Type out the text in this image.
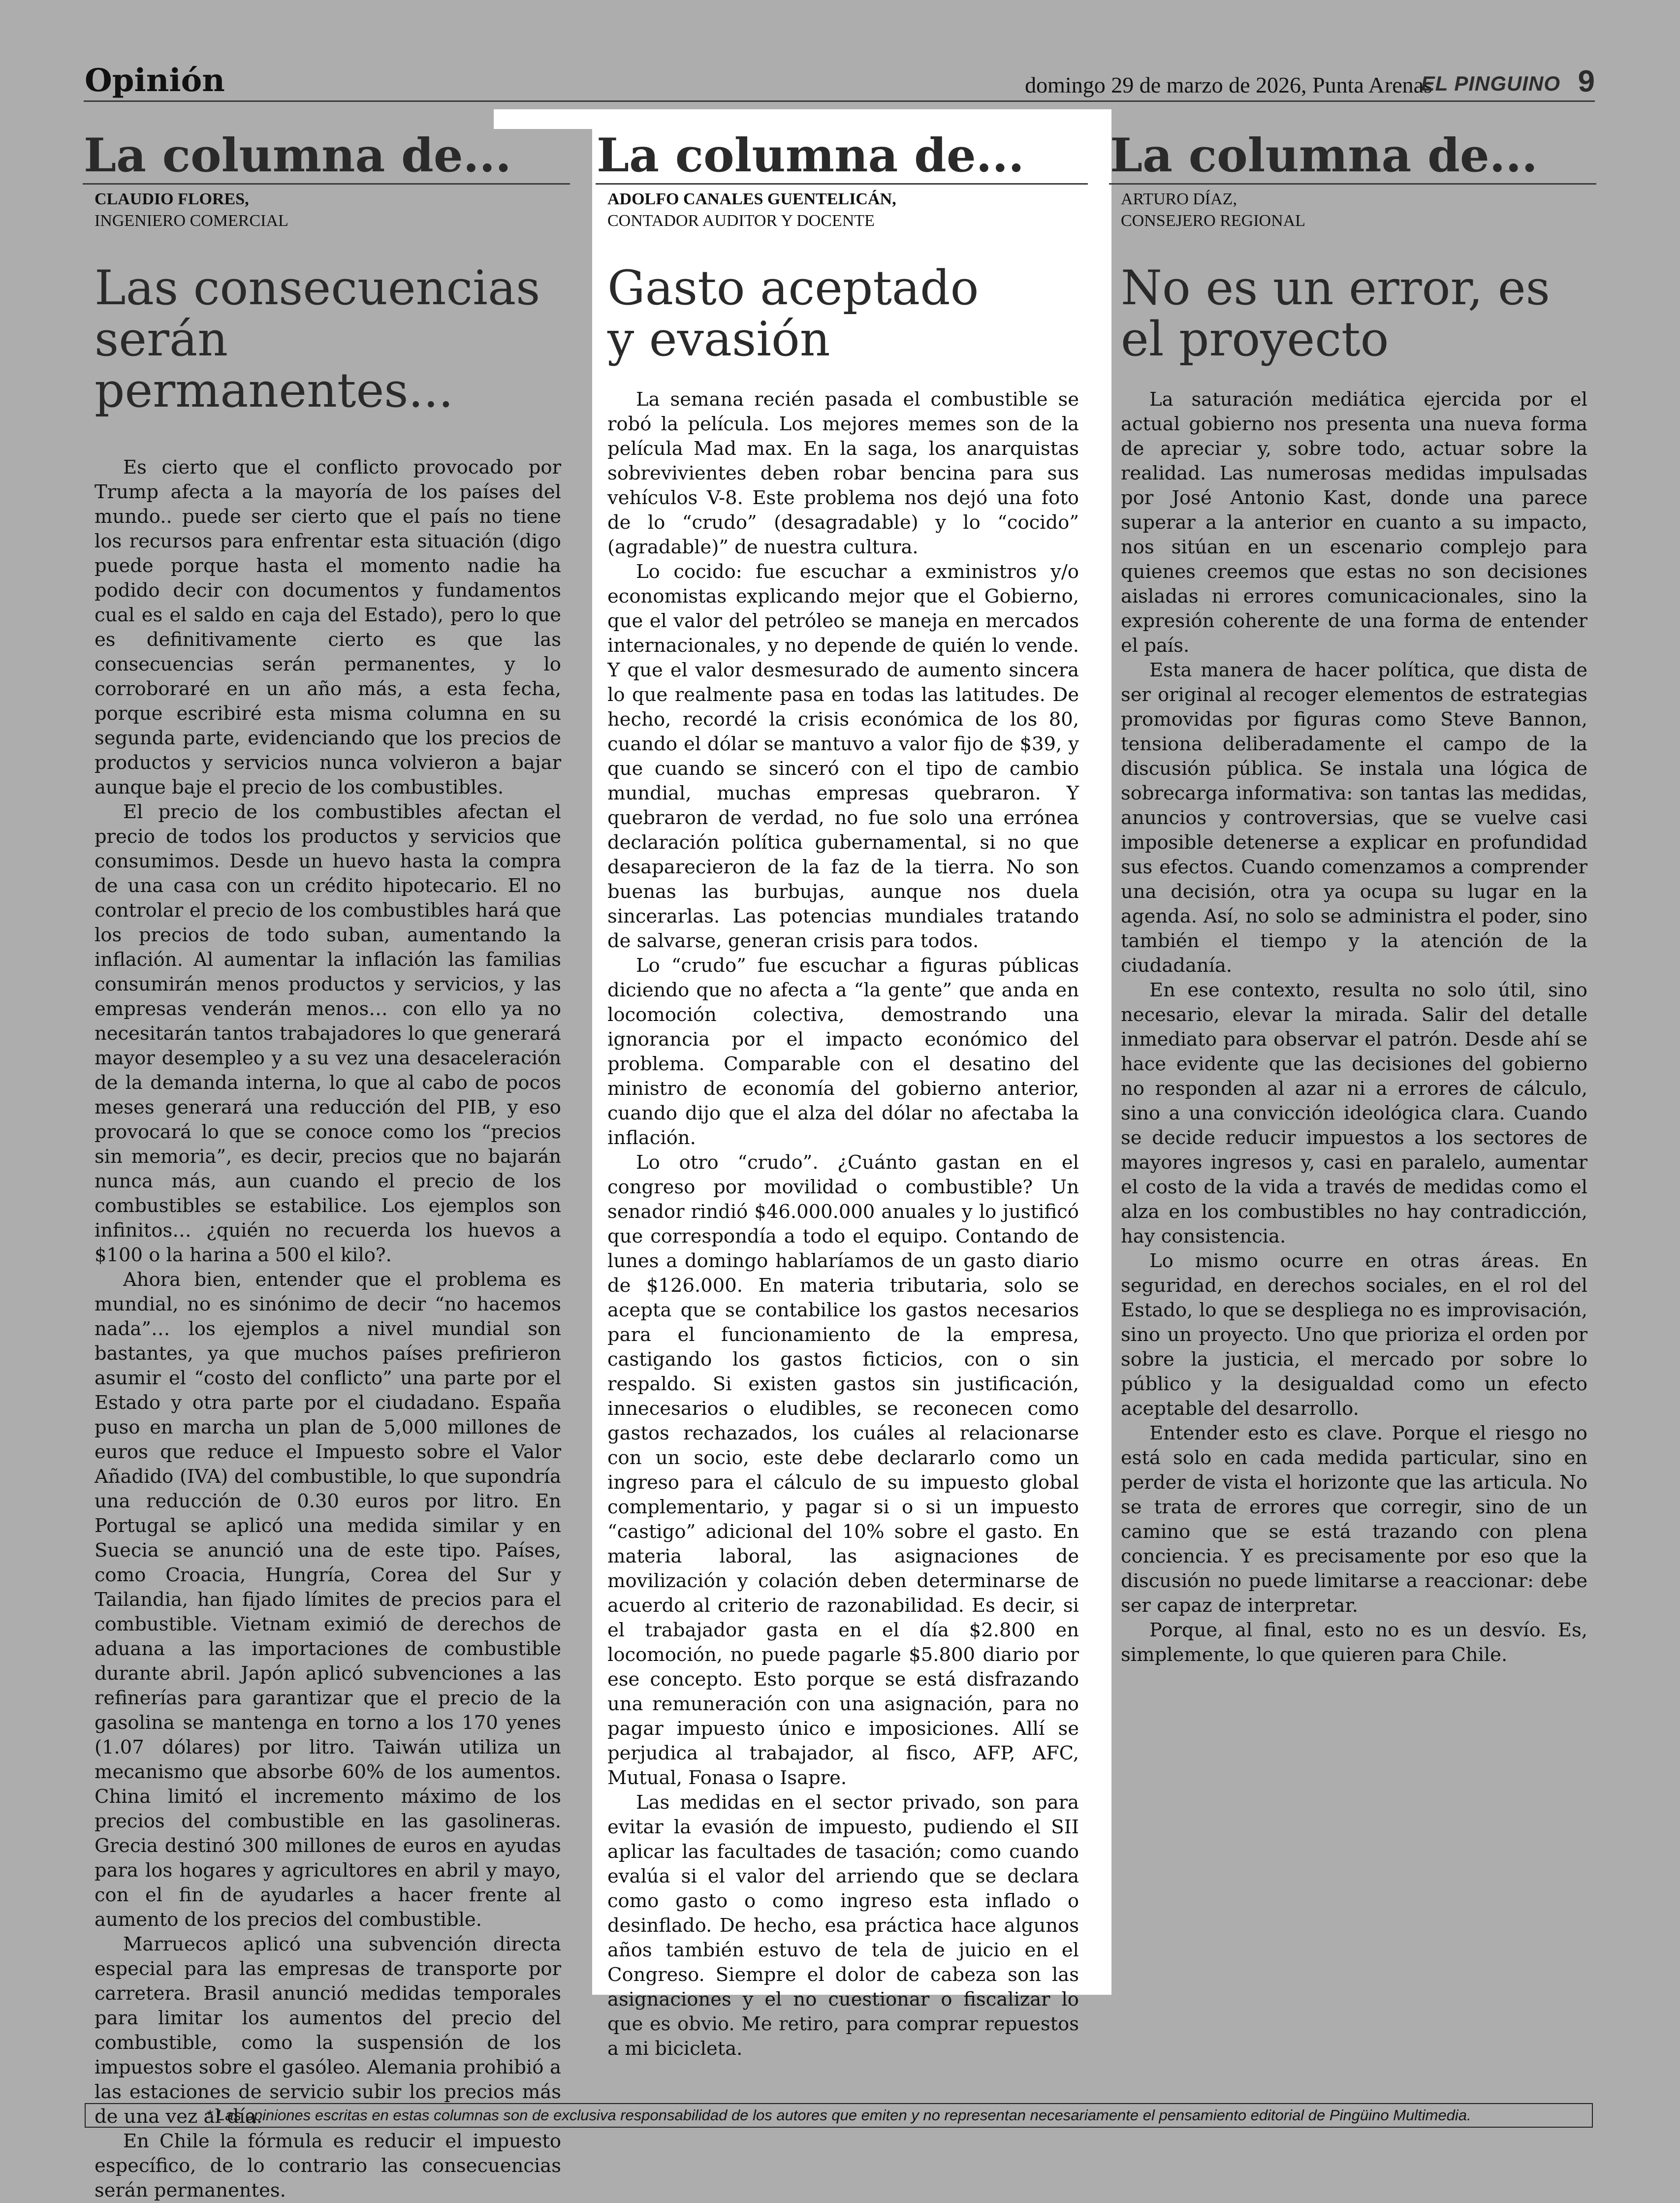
Opinión	domingo 29 de marzo de 2026, Punta Arenas
EL PINGUINO 9
La columna de...
CLAUDIO FLORES,
INGENIERO COMERCIAL
Las consecuencias serán permanentes...

Es cierto que el conflicto provocado por Trump afecta a la mayoría de los países del mundo.. puede ser cierto que el país no tiene los recursos para enfrentar esta situación (digo puede porque hasta el momento nadie ha podido decir con documentos y fundamentos cual es el saldo en caja del Estado), pero lo que es definitivamente cierto es que las consecuencias serán permanentes, y lo corroboraré en un año más, a esta fecha, porque escribiré esta misma columna en su segunda parte, evidenciando que los precios de productos y servicios nunca volvieron a bajar aunque baje el precio de los combustibles.

El precio de los combustibles afectan el precio de todos los productos y servicios que consumimos. Desde un huevo hasta la compra de una casa con un crédito hipotecario. El no controlar el precio de los combustibles hará que los precios de todo suban, aumentando la inflación. Al aumentar la inflación las familias consumirán menos productos y servicios, y las empresas venderán menos… con ello ya no necesitarán tantos trabajadores lo que generará mayor desempleo y a su vez una desaceleración de la demanda interna, lo que al cabo de pocos meses generará una reducción del PIB, y eso provocará lo que se conoce como los “precios sin memoria”, es decir, precios que no bajarán nunca más, aun cuando el precio de los combustibles se estabilice. Los ejemplos son infinitos… ¿quién no recuerda los huevos a $100 o la harina a 500 el kilo?.

Ahora bien, entender que el problema es mundial, no es sinónimo de decir “no hacemos nada”… los ejemplos a nivel mundial son bastantes, ya que muchos países prefirieron asumir el “costo del conflicto” una parte por el Estado y otra parte por el ciudadano. España puso en marcha un plan de 5,000 millones de euros que reduce el Impuesto sobre el Valor Añadido (IVA) del combustible, lo que supondría una reducción de 0.30 euros por litro. En Portugal se aplicó una medida similar y en Suecia se anunció una de este tipo. Países, como Croacia, Hungría, Corea del Sur y Tailandia, han fijado límites de precios para el combustible. Vietnam eximió de derechos de aduana a las importaciones de combustible durante abril. Japón aplicó subvenciones a las refinerías para garantizar que el precio de la gasolina se mantenga en torno a los 170 yenes (1.07 dólares) por litro. Taiwán utiliza un mecanismo que absorbe 60% de los aumentos. China limitó el incremento máximo de los precios del combustible en las gasolineras. Grecia destinó 300 millones de euros en ayudas para los hogares y agricultores en abril y mayo, con el fin de ayudarles a hacer frente al aumento de los precios del combustible.

Marruecos aplicó una subvención directa especial para las empresas de transporte por carretera. Brasil anunció medidas temporales para limitar los aumentos del precio del combustible, como la suspensión de los impuestos sobre el gasóleo. Alemania prohibió a las estaciones de servicio subir los precios más de una vez al día.

En Chile la fórmula es reducir el impuesto específico, de lo contrario las consecuencias serán permanentes.

La columna de...
ADOLFO CANALES GUENTELICÁN,
CONTADOR AUDITOR Y DOCENTE
Gasto aceptado y evasión

La semana recién pasada el combustible se robó la película. Los mejores memes son de la película Mad max. En la saga, los anarquistas sobrevivientes deben robar bencina para sus vehículos V-8. Este problema nos dejó una foto de lo “crudo” (desagradable) y lo “cocido” (agradable)” de nuestra cultura.

Lo cocido: fue escuchar a exministros y/o economistas explicando mejor que el Gobierno, que el valor del petróleo se maneja en mercados internacionales, y no depende de quién lo vende. Y que el valor desmesurado de aumento sincera lo que realmente pasa en todas las latitudes. De hecho, recordé la crisis económica de los 80, cuando el dólar se mantuvo a valor fijo de $39, y que cuando se sinceró con el tipo de cambio mundial, muchas empresas quebraron. Y quebraron de verdad, no fue solo una errónea declaración política gubernamental, si no que desaparecieron de la faz de la tierra. No son buenas las burbujas, aunque nos duela sincerarlas. Las potencias mundiales tratando de salvarse, generan crisis para todos.

Lo “crudo” fue escuchar a figuras públicas diciendo que no afecta a “la gente” que anda en locomoción colectiva, demostrando una ignorancia por el impacto económico del problema. Comparable con el desatino del ministro de economía del gobierno anterior, cuando dijo que el alza del dólar no afectaba la inflación.

Lo otro “crudo”. ¿Cuánto gastan en el congreso por movilidad o combustible? Un senador rindió $46.000.000 anuales y lo justificó que correspondía a todo el equipo. Contando de lunes a domingo hablaríamos de un gasto diario de $126.000. En materia tributaria, solo se acepta que se contabilice los gastos necesarios para el funcionamiento de la empresa, castigando los gastos ficticios, con o sin respaldo. Si existen gastos sin justificación, innecesarios o eludibles, se reconecen como gastos rechazados, los cuáles al relacionarse con un socio, este debe declararlo como un ingreso para el cálculo de su impuesto global complementario, y pagar si o si un impuesto “castigo” adicional del 10% sobre el gasto. En materia laboral, las asignaciones de movilización y colación deben determinarse de acuerdo al criterio de razonabilidad. Es decir, si el trabajador gasta en el día $2.800 en locomoción, no puede pagarle $5.800 diario por ese concepto. Esto porque se está disfrazando una remuneración con una asignación, para no pagar impuesto único e imposiciones. Allí se perjudica al trabajador, al fisco, AFP, AFC, Mutual, Fonasa o Isapre.

Las medidas en el sector privado, son para evitar la evasión de impuesto, pudiendo el SII aplicar las facultades de tasación; como cuando evalúa si el valor del arriendo que se declara como gasto o como ingreso esta inflado o desinflado. De hecho, esa práctica hace algunos años también estuvo de tela de juicio en el Congreso. Siempre el dolor de cabeza son las asignaciones y el no cuestionar o fiscalizar lo que es obvio. Me retiro, para comprar repuestos a mi bicicleta.

La columna de...
ARTURO DÍAZ,
CONSEJERO REGIONAL
No es un error, es el proyecto

La saturación mediática ejercida por el actual gobierno nos presenta una nueva forma de apreciar y, sobre todo, actuar sobre la realidad. Las numerosas medidas impulsadas por José Antonio Kast, donde una parece superar a la anterior en cuanto a su impacto, nos sitúan en un escenario complejo para quienes creemos que estas no son decisiones aisladas ni errores comunicacionales, sino la expresión coherente de una forma de entender el país.

Esta manera de hacer política, que dista de ser original al recoger elementos de estrategias promovidas por figuras como Steve Bannon, tensiona deliberadamente el campo de la discusión pública. Se instala una lógica de sobrecarga informativa: son tantas las medidas, anuncios y controversias, que se vuelve casi imposible detenerse a explicar en profundidad sus efectos. Cuando comenzamos a comprender una decisión, otra ya ocupa su lugar en la agenda. Así, no solo se administra el poder, sino también el tiempo y la atención de la ciudadanía.

En ese contexto, resulta no solo útil, sino necesario, elevar la mirada. Salir del detalle inmediato para observar el patrón. Desde ahí se hace evidente que las decisiones del gobierno no responden al azar ni a errores de cálculo, sino a una convicción ideológica clara. Cuando se decide reducir impuestos a los sectores de mayores ingresos y, casi en paralelo, aumentar el costo de la vida a través de medidas como el alza en los combustibles no hay contradicción, hay consistencia.

Lo mismo ocurre en otras áreas. En seguridad, en derechos sociales, en el rol del Estado, lo que se despliega no es improvisación, sino un proyecto. Uno que prioriza el orden por sobre la justicia, el mercado por sobre lo público y la desigualdad como un efecto aceptable del desarrollo.

Entender esto es clave. Porque el riesgo no está solo en cada medida particular, sino en perder de vista el horizonte que las articula. No se trata de errores que corregir, sino de un camino que se está trazando con plena conciencia. Y es precisamente por eso que la discusión no puede limitarse a reaccionar: debe ser capaz de interpretar.

Porque, al final, esto no es un desvío. Es, simplemente, lo que quieren para Chile.

* Las opiniones escritas en estas columnas son de exclusiva responsabilidad de los autores que emiten y no representan necesariamente el pensamiento editorial de Pingüino Multimedia.
